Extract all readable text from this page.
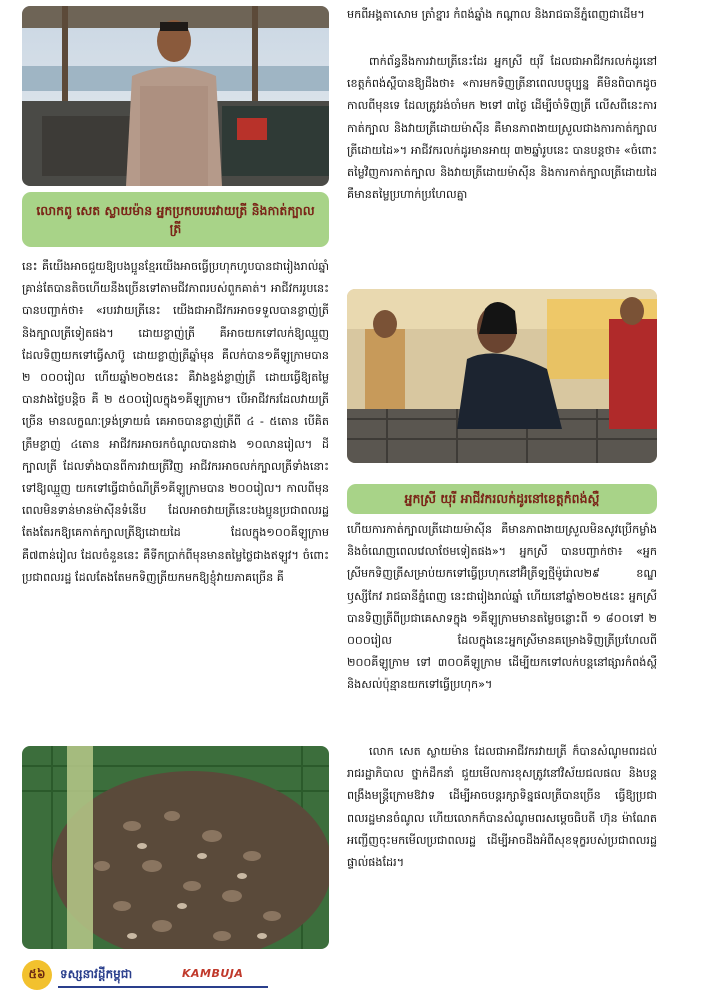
លោកពូ សេត ស្លាយម៉ាន អ្នកប្រកបរបរវាយត្រី និងកាត់ក្បាលត្រី

នេះ គឺយើងអាចជួយឱ្យបងប្អូនខ្មែរយើងអាចធ្វើប្រហុកហូបបានជារៀងរាល់ឆ្នាំ គ្រាន់តែបានតិចហើយនឹងច្រើនទៅតាមជីវភាពរបស់ពួកគាត់។ អាជីវកររូបនេះបានបញ្ជាក់ថា៖ «របរវាយត្រីនេះ យើងជាអាជីវករអាចទទួលបានខ្លាញ់ត្រី និងក្បាលត្រីទៀតផង។ ដោយខ្លាញ់ត្រី គឺអាចយកទៅលក់ឱ្យឈ្មួញ ដែលទិញយកទៅធ្វើសាប៊ូ ដោយខ្លាញ់ត្រីឆ្នាំមុន គឺលក់បាន១គីឡូក្រាមបាន ២ ០០០រៀល ហើយឆ្នាំ២០២៥នេះ គឺវាងខ្ទង់ខ្លាញ់ត្រី ដោយធ្វើឱ្យតម្លៃបានវាងថ្លៃបន្តិច គឺ ២ ៥០០រៀលក្នុង១គីឡូក្រាម។ បើអាជីវករដែលវាយត្រីច្រើន មានលក្ខណៈទ្រង់ទ្រាយធំ គេអាចបានខ្លាញ់ត្រីពី ៤ - ៥តោន បើគិតត្រឹមខ្លាញ់ ៤តោន អាជីវករអាចរកចំណូលបានជាង ១០លានរៀល។ ដីក្បាលត្រី ដែលទាំងបានពីការវាយត្រីវិញ អាជីវករអាចលក់ក្បាលត្រីទាំងនោះទៅឱ្យឈ្មួញ យកទៅធ្វើជាចំណីត្រី១គីឡូក្រាមបាន ២០០រៀល។ កាលពីមុន ពេលមិនទាន់មានម៉ាស៊ីនទំនើប ដែលអាចវាយត្រីនេះបងប្អូនប្រជាពលរដ្ឋតែងតែរកឱ្យគេកាត់ក្បាលត្រីឱ្យដោយដៃ ដែលក្នុង១០០គីឡូក្រាម គឺ៧ពាន់រៀល ដែលចំនួននេះ គឺទីកប្រាក់ពីមុនមានតម្លៃថ្លៃជាងឥឡូវ។ ចំពោះប្រជាពលរដ្ឋ ដែលតែងតែមកទិញត្រីយកមកឱ្យខ្ញុំវាយភាគច្រើន គឺ

មកពីអង្គតាសោម ត្រាំខ្នារ កំពង់ឆ្នាំង កណ្ដាល និងរាជធានីភ្នំពេញជាដើម។

ពាក់ព័ន្ធនឹងការវាយត្រីនេះដែរ អ្នកស្រី យុរី ដែលជាអាជីវករលក់ដូរនៅខេត្តកំពង់ស្ពឺបានឱ្យដឹងថា៖ «ការមកទិញត្រីនាពេលបច្ចុប្បន្ន គឺមិនពិបាកដូចកាលពីមុនទេ ដែលត្រូវរង់ចាំមក ២ទៅ ៣ថ្ងៃ ដើម្បីចាំទិញត្រី លើសពីនេះការកាត់ក្បាល និងវាយត្រីដោយម៉ាស៊ីន គឺមានភាពងាយស្រួលជាងការកាត់ក្បាលត្រីដោយដៃ»។ អាជីវករលក់ដូរមានអាយុ ៣២ឆ្នាំរូបនេះ បានបន្តថា៖ «ចំពោះតម្លៃវិញការកាត់ក្បាល និងវាយត្រីដោយម៉ាស៊ីន និងការកាត់ក្បាលត្រីដោយដៃ គឺមានតម្លៃប្រហាក់ប្រហែលគ្នា

អ្នកស្រី យុរី អាជីវករលក់ដូរនៅខេត្តកំពង់ស្ពឺ

ហើយការកាត់ក្បាលត្រីដោយម៉ាស៊ីន គឺមានភាពងាយស្រួលមិនសូវប្រើកម្លាំង និងចំណេញពេលវេលាថែមទៀតផង»។ អ្នកស្រី បានបញ្ជាក់ថា៖ «អ្នកស្រីមកទិញត្រីសម្រាប់យកទៅធ្វើប្រហុកនៅអ៊ិត្រីទ្បថ្មីម៉ូរ៉ោល២៩ ខណ្ឌឫស្សីកែវ រាជធានីភ្នំពេញ នេះជារៀងរាល់ឆ្នាំ ហើយនៅឆ្នាំ២០២៥នេះ អ្នកស្រីបានទិញត្រីពីប្រជាគេសាទក្នុង ១គីឡូក្រាមមានតម្លៃចន្លោះពី ១ ៨០០ទៅ ២ ០០០រៀល ដែលក្នុងនេះអ្នកស្រីមានគម្រោងទិញត្រីប្រហែលពី ២០០គីឡូក្រាម ទៅ ៣០០គីឡូក្រាម ដើម្បីយកទៅលក់បន្តនៅផ្សារកំពង់ស្ពឺ និងសល់ប៉ុន្មានយកទៅធ្វើប្រហុក»។

លោក សេត ស្លាយម៉ាន ដែលជាអាជីវករវាយត្រី ក៏បានសំណូមពរដល់រាជរដ្ឋាភិបាល ថ្នាក់ដឹកនាំ ជួយមើលការខុសត្រូវនៅវិស័យជលផល និងបន្តពង្រឹងមន្ត្រីក្រោមឱវាទ ដើម្បីអាចបន្តរក្សាទិន្នផលត្រីបានច្រើន ធ្វើឱ្យប្រជាពលរដ្ឋមានចំណូល ហើយលោកក៏បានសំណូមពរសម្ដេចធិបតី ហ៊ុន ម៉ាណែត អញ្ជើញចុះមកមើលប្រជាពលរដ្ឋ ដើម្បីអាចដឹងអំពីសុខទុក្ខរបស់ប្រជាពលរដ្ឋផ្ទាល់ផងដែរ។

៥៦ ទស្សនាវដ្តីកម្ពុជា	KAMBUJA
